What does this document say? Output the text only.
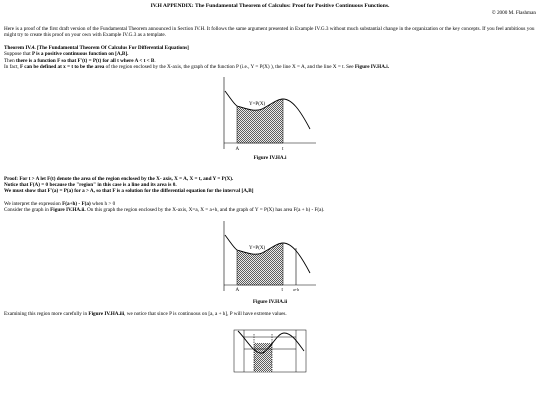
IV.H APPENDIX: The Fundamental Theorem of Calculus: Proof for Positive Continuous Functions.
© 2000 M. Flashman

Here is a proof of the first draft version of the Fundamental Theorem announced in Section IV.H. It follows the same argument presented in Example IV.G.3 without much substantial change in the organization or the key concepts. If you feel ambitious you might try to create this proof on your own with Example IV.G.3 as a template.

Theorem IV.4. [The Fundamental Theorem Of Calculus For Differential Equations]

Suppose that P is a positive continuous function on [A,B].

Then there is a function F so that F'(t) = P(t) for all t where A < t < B.

In fact, F can be defined at x = t to be the area of the region enclosed by the X-axis, the graph of the function P (i.e., Y = P(X) ), the line X = A, and the line X = t. See Figure IV.HA.i.

Y=P(X)
A	t
Figure IV.HA.i

Proof: For t > A let F(t) denote the area of the region enclosed by the X- axis, X = A, X = t, and Y = P(X).

Notice that F(A) = 0 because the "region" in this case is a line and its area is 0.

We must show that F'(a) = P(a) for a > A, so that F is a solution for the differential equation for the interval [A,B]

We interpret the expression F(a+h) - F(a) when h > 0

Consider the graph in Figure IV.HA.ii. On this graph the region enclosed by the X-axis, X=a, X = a+h, and the graph of Y = P(X) has area F(a + h) - F(a).

Y=P(X)
A	t	a+h
Figure IV.HA.ii

Examining this region more carefully in Figure IV.HA.iii, we notice that since P is continuous on [a, a + h], P will have extreme values.
